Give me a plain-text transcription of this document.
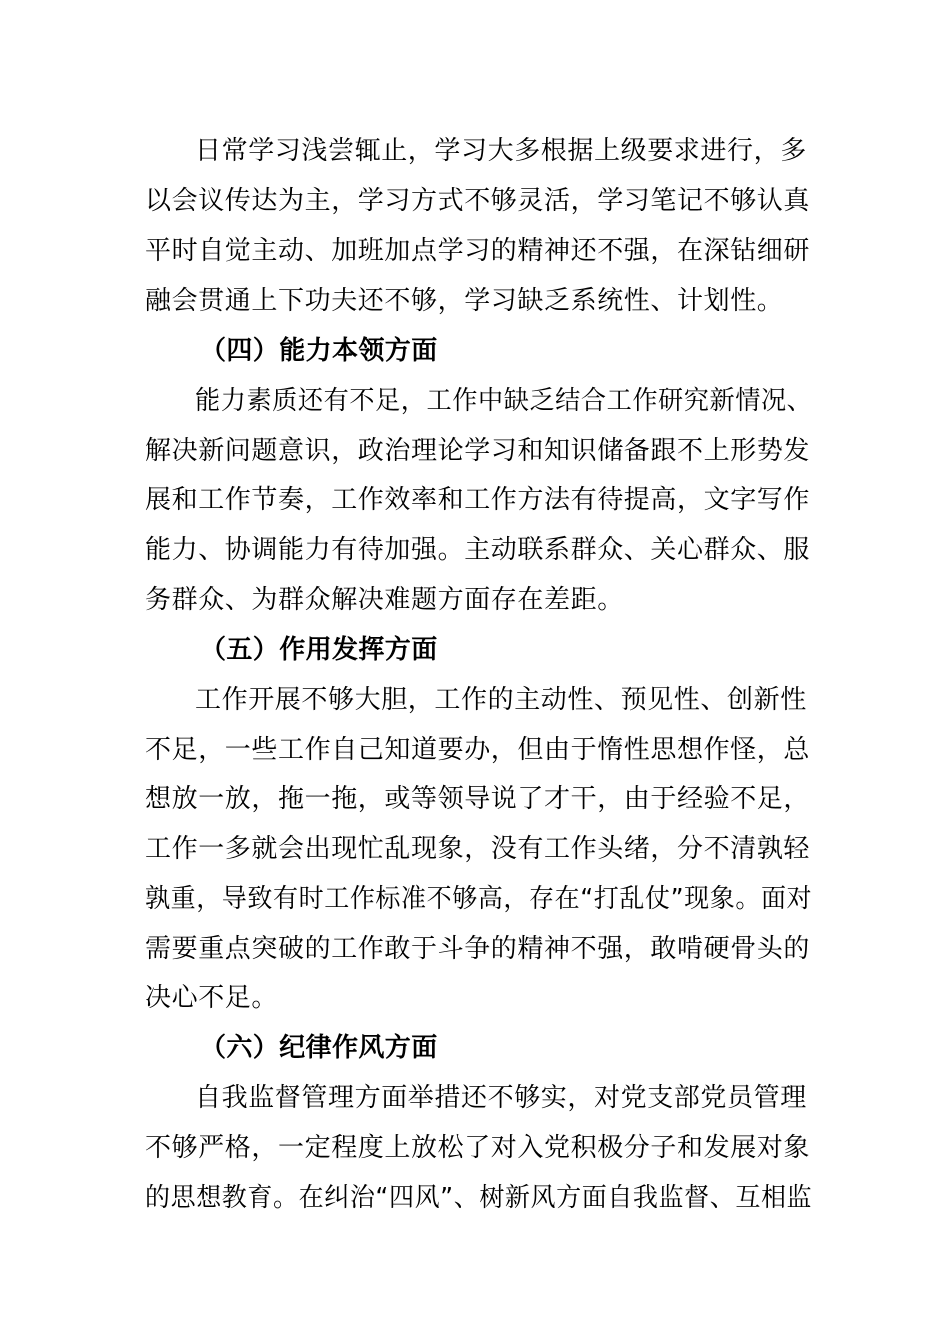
日常学习浅尝辄止，学习大多根据上级要求进行，多
以会议传达为主，学习方式不够灵活，学习笔记不够认真
平时自觉主动、加班加点学习的精神还不强，在深钻细研
融会贯通上下功夫还不够，学习缺乏系统性、计划性。
（四）能力本领方面
能力素质还有不足，工作中缺乏结合工作研究新情况、
解决新问题意识，政治理论学习和知识储备跟不上形势发
展和工作节奏，工作效率和工作方法有待提高，文字写作
能力、协调能力有待加强。主动联系群众、关心群众、服
务群众、为群众解决难题方面存在差距。
（五）作用发挥方面
工作开展不够大胆，工作的主动性、预见性、创新性
不足，一些工作自己知道要办，但由于惰性思想作怪，总
想放一放，拖一拖，或等领导说了才干，由于经验不足，
工作一多就会出现忙乱现象，没有工作头绪，分不清孰轻
孰重，导致有时工作标准不够高，存在“打乱仗”现象。面对
需要重点突破的工作敢于斗争的精神不强，敢啃硬骨头的
决心不足。
（六）纪律作风方面
自我监督管理方面举措还不够实，对党支部党员管理
不够严格，一定程度上放松了对入党积极分子和发展对象
的思想教育。在纠治“四风”、树新风方面自我监督、互相监
